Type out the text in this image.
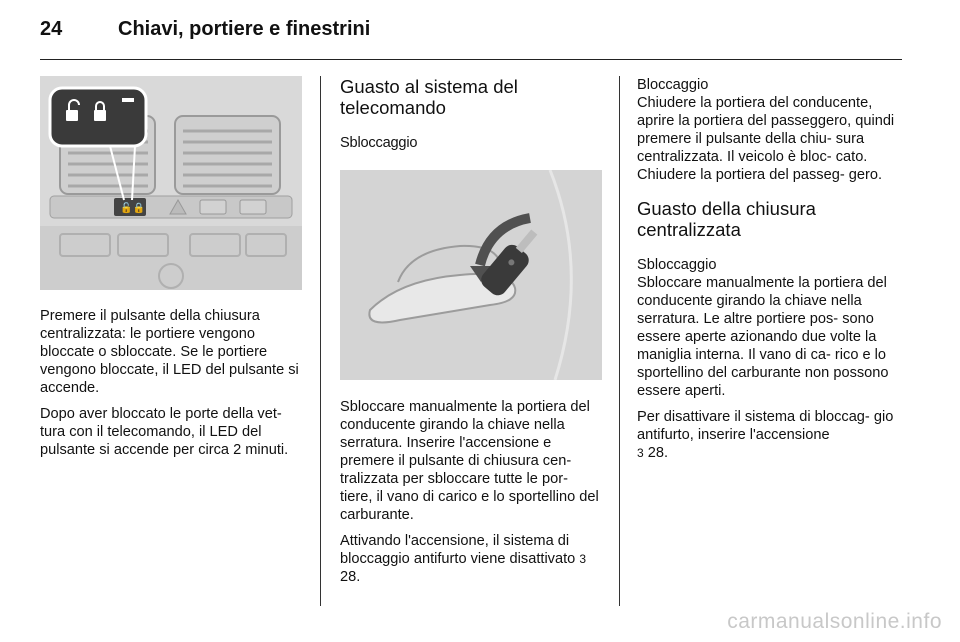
24	Chiavi, portiere e finestrini
🔓🔒

Premere il pulsante della chiusura centralizzata: le portiere vengono bloccate o sbloccate. Se le portiere vengono bloccate, il LED del pulsante si accende.

Dopo aver bloccato le porte della vet- tura con il telecomando, il LED del pulsante si accende per circa 2 minuti.

Guasto al sistema del telecomando
Sbloccaggio

Sbloccare manualmente la portiera del conducente girando la chiave nella serratura. Inserire l'accensione e premere il pulsante di chiusura cen- tralizzata per sbloccare tutte le por- tiere, il vano di carico e lo sportellino del carburante.

Attivando l'accensione, il sistema di bloccaggio antifurto viene disattivato 3 28.

Bloccaggio

Chiudere la portiera del conducente, aprire la portiera del passeggero, quindi premere il pulsante della chiu- sura centralizzata. Il veicolo è bloc- cato. Chiudere la portiera del passeg- gero.

Guasto della chiusura centralizzata
Sbloccaggio

Sbloccare manualmente la portiera del conducente girando la chiave nella serratura. Le altre portiere pos- sono essere aperte azionando due volte la maniglia interna. Il vano di ca- rico e lo sportellino del carburante non possono essere aperti.

Per disattivare il sistema di bloccag- gio antifurto, inserire l'accensione
3 28.

carmanualsonline.info
